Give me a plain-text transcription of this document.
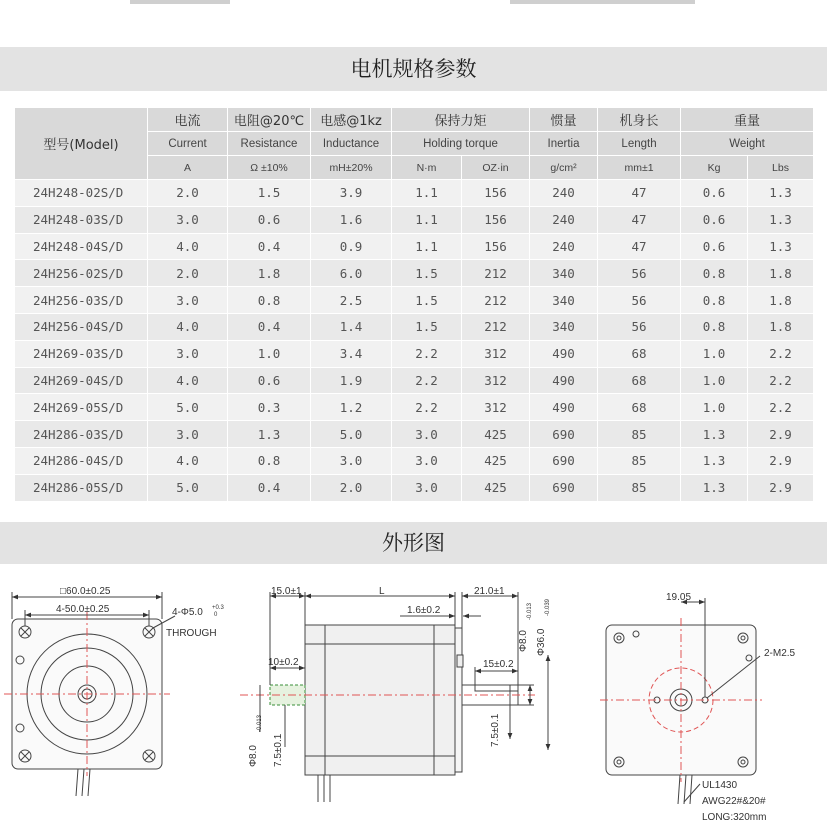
电机规格参数
型号(Model)	电流	电阻@20℃	电感@1kz	保持力矩		惯量	机身长	重量	
	Current	Resistance	Inductance	Holding torque		Inertia	Length	Weight	
	A	Ω ±10%	mH±20%	N·m	OZ·in	g/cm²	mm±1	Kg	Lbs
24H248-02S/D	2.0	1.5	3.9	1.1	156	240	47	0.6	1.3
24H248-03S/D	3.0	0.6	1.6	1.1	156	240	47	0.6	1.3
24H248-04S/D	4.0	0.4	0.9	1.1	156	240	47	0.6	1.3
24H256-02S/D	2.0	1.8	6.0	1.5	212	340	56	0.8	1.8
24H256-03S/D	3.0	0.8	2.5	1.5	212	340	56	0.8	1.8
24H256-04S/D	4.0	0.4	1.4	1.5	212	340	56	0.8	1.8
24H269-03S/D	3.0	1.0	3.4	2.2	312	490	68	1.0	2.2
24H269-04S/D	4.0	0.6	1.9	2.2	312	490	68	1.0	2.2
24H269-05S/D	5.0	0.3	1.2	2.2	312	490	68	1.0	2.2
24H286-03S/D	3.0	1.3	5.0	3.0	425	690	85	1.3	2.9
24H286-04S/D	4.0	0.8	3.0	3.0	425	690	85	1.3	2.9
24H286-05S/D	5.0	0.4	2.0	3.0	425	690	85	1.3	2.9
外形图
□60.0±0.25
4-50.0±0.25	4-Φ5.0 +0.3
0
THROUGH
15.0±1	L	21.0±1
1.6±0.2
10±0.2	15±0.2
Φ8.0
-0.013
Φ36.0
-0.039
7.5±0.1
Φ8.0
-0.013
7.5±0.1
19.05
2-M2.5
UL1430
AWG22#&20#
LONG:320mm
